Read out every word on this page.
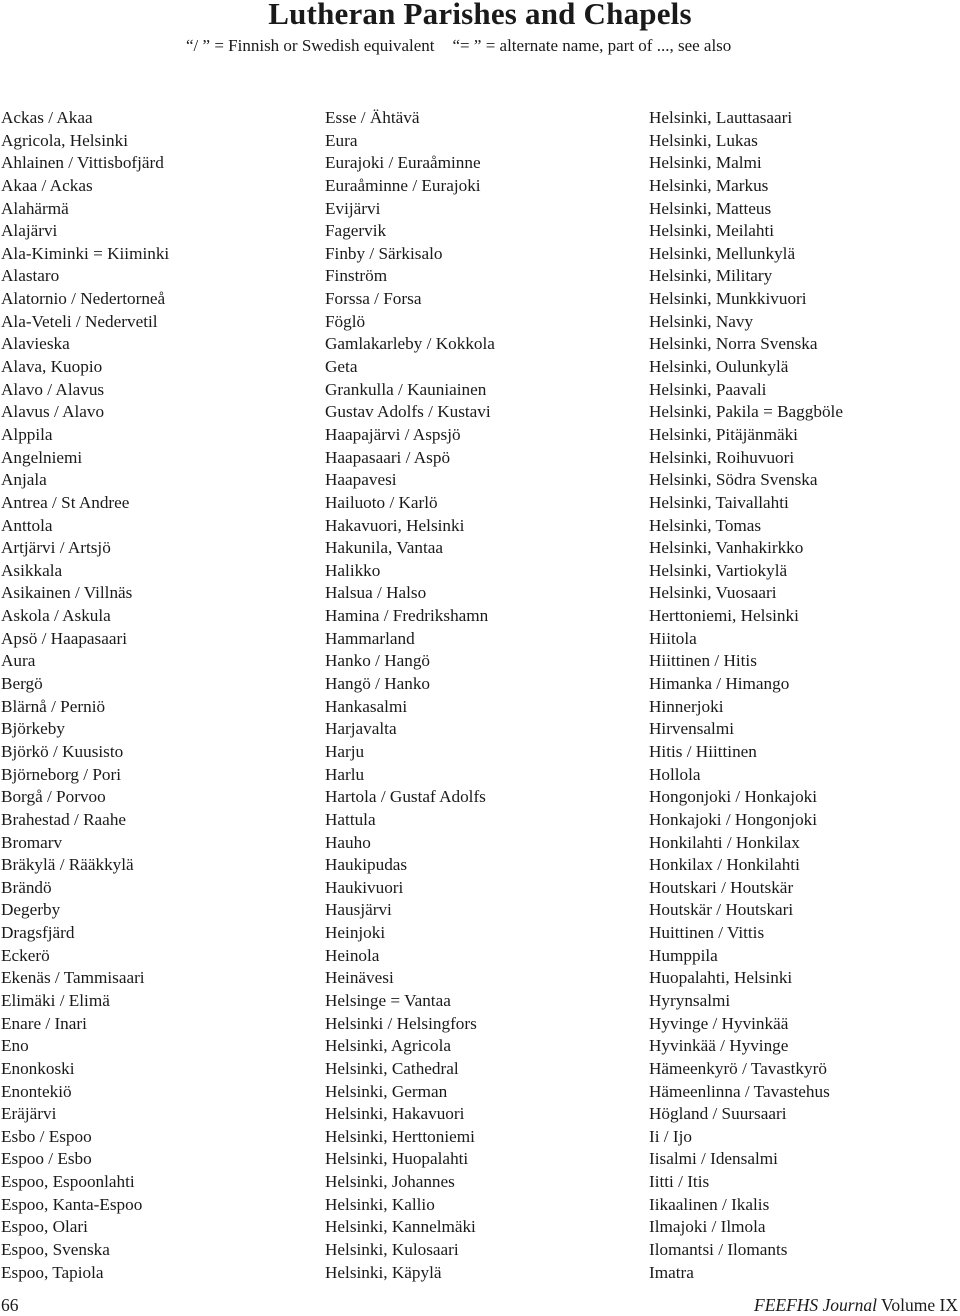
Lutheran Parishes and Chapels
“/ ” = Finnish or Swedish equivalent “= ” = alternate name, part of ..., see also
Ackas / Akaa
Agricola, Helsinki
Ahlainen / Vittisbofjärd
Akaa / Ackas
Alahärmä
Alajärvi
Ala-Kiminki = Kiiminki
Alastaro
Alatornio / Nedertorneå
Ala-Veteli / Nedervetil
Alavieska
Alava, Kuopio
Alavo / Alavus
Alavus / Alavo
Alppila
Angelniemi
Anjala
Antrea / St Andree
Anttola
Artjärvi / Artsjö
Asikkala
Asikainen / Villnäs
Askola / Askula
Apsö / Haapasaari
Aura
Bergö
Blärnå / Perniö
Björkeby
Björkö / Kuusisto
Björneborg / Pori
Borgå / Porvoo
Brahestad / Raahe
Bromarv
Bräkylä / Rääkkylä
Brändö
Degerby
Dragsfjärd
Eckerö
Ekenäs / Tammisaari
Elimäki / Elimä
Enare / Inari
Eno
Enonkoski
Enontekiö
Eräjärvi
Esbo / Espoo
Espoo / Esbo
Espoo, Espoonlahti
Espoo, Kanta-Espoo
Espoo, Olari
Espoo, Svenska
Espoo, Tapiola
Esse / Ähtävä
Eura
Eurajoki / Euraåminne
Euraåminne / Eurajoki
Evijärvi
Fagervik
Finby / Särkisalo
Finström
Forssa / Forsa
Föglö
Gamlakarleby / Kokkola
Geta
Grankulla / Kauniainen
Gustav Adolfs / Kustavi
Haapajärvi / Aspsjö
Haapasaari / Aspö
Haapavesi
Hailuoto / Karlö
Hakavuori, Helsinki
Hakunila, Vantaa
Halikko
Halsua / Halso
Hamina / Fredrikshamn
Hammarland
Hanko / Hangö
Hangö / Hanko
Hankasalmi
Harjavalta
Harju
Harlu
Hartola / Gustaf Adolfs
Hattula
Hauho
Haukipudas
Haukivuori
Hausjärvi
Heinjoki
Heinola
Heinävesi
Helsinge = Vantaa
Helsinki / Helsingfors
Helsinki, Agricola
Helsinki, Cathedral
Helsinki, German
Helsinki, Hakavuori
Helsinki, Herttoniemi
Helsinki, Huopalahti
Helsinki, Johannes
Helsinki, Kallio
Helsinki, Kannelmäki
Helsinki, Kulosaari
Helsinki, Käpylä
Helsinki, Lauttasaari
Helsinki, Lukas
Helsinki, Malmi
Helsinki, Markus
Helsinki, Matteus
Helsinki, Meilahti
Helsinki, Mellunkylä
Helsinki, Military
Helsinki, Munkkivuori
Helsinki, Navy
Helsinki, Norra Svenska
Helsinki, Oulunkylä
Helsinki, Paavali
Helsinki, Pakila = Baggböle
Helsinki, Pitäjänmäki
Helsinki, Roihuvuori
Helsinki, Södra Svenska
Helsinki, Taivallahti
Helsinki, Tomas
Helsinki, Vanhakirkko
Helsinki, Vartiokylä
Helsinki, Vuosaari
Herttoniemi, Helsinki
Hiitola
Hiittinen / Hitis
Himanka / Himango
Hinnerjoki
Hirvensalmi
Hitis / Hiittinen
Hollola
Hongonjoki / Honkajoki
Honkajoki / Hongonjoki
Honkilahti / Honkilax
Honkilax / Honkilahti
Houtskari / Houtskär
Houtskär / Houtskari
Huittinen / Vittis
Humppila
Huopalahti, Helsinki
Hyrynsalmi
Hyvinge / Hyvinkää
Hyvinkää / Hyvinge
Hämeenkyrö / Tavastkyrö
Hämeenlinna / Tavastehus
Högland / Suursaari
Ii / Ijo
Iisalmi / Idensalmi
Iitti / Itis
Iikaalinen / Ikalis
Ilmajoki / Ilmola
Ilomantsi / Ilomants
Imatra
66	FEEFHS Journal Volume IX
